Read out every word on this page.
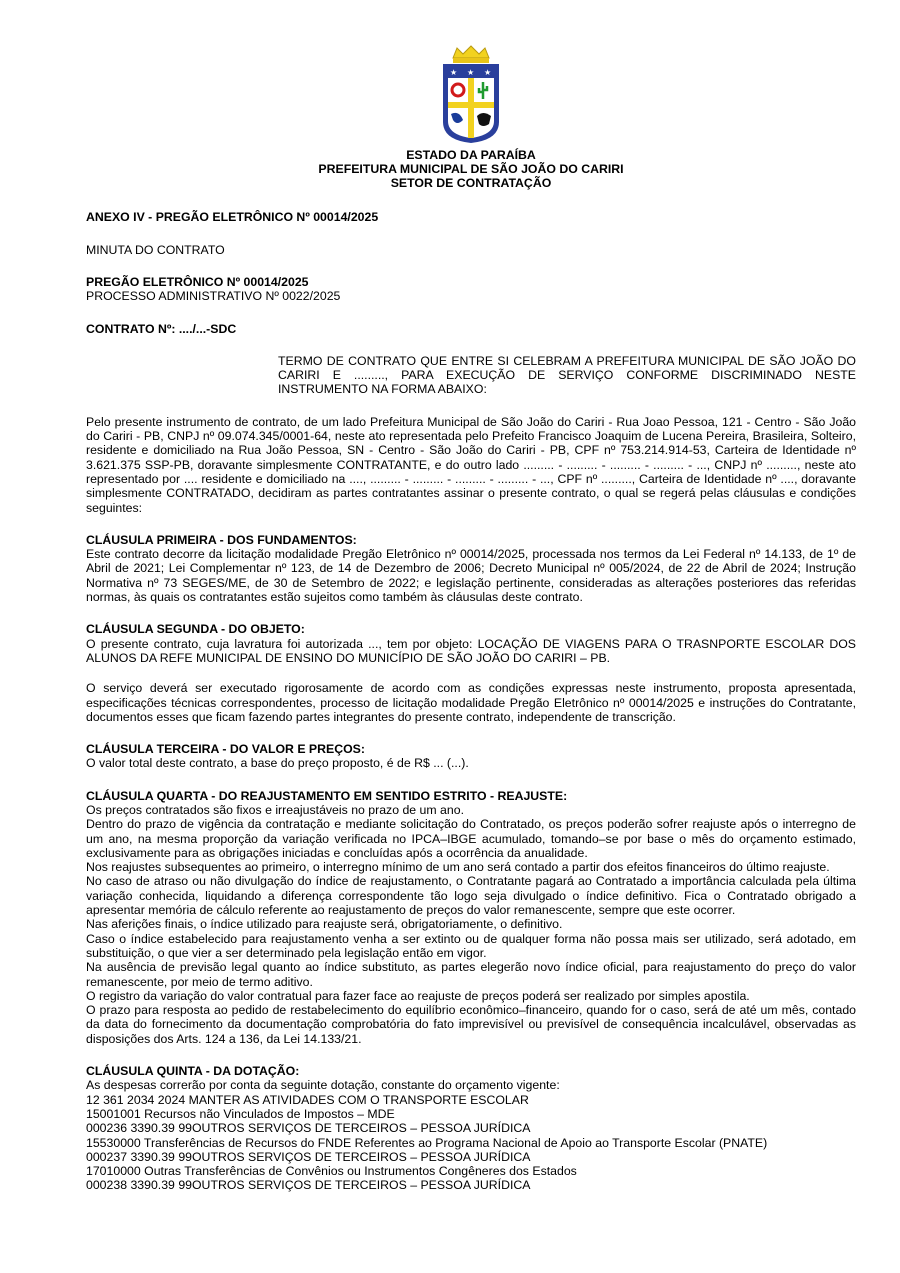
★ ★ ★
ESTADO DA PARAÍBA
PREFEITURA MUNICIPAL DE SÃO JOÃO DO CARIRI
SETOR DE CONTRATAÇÃO

ANEXO IV - PREGÃO ELETRÔNICO Nº 00014/2025

MINUTA DO CONTRATO

PREGÃO ELETRÔNICO Nº 00014/2025

PROCESSO ADMINISTRATIVO Nº 0022/2025

CONTRATO Nº: ..../...-SDC

TERMO DE CONTRATO QUE ENTRE SI CELEBRAM A PREFEITURA MUNICIPAL DE SÃO JOÃO DO CARIRI E ........., PARA EXECUÇÃO DE SERVIÇO CONFORME DISCRIMINADO NESTE INSTRUMENTO NA FORMA ABAIXO:

Pelo presente instrumento de contrato, de um lado Prefeitura Municipal de São João do Cariri - Rua Joao Pessoa, 121 - Centro - São João do Cariri - PB, CNPJ nº 09.074.345/0001-64, neste ato representada pelo Prefeito Francisco Joaquim de Lucena Pereira, Brasileira, Solteiro, residente e domiciliado na Rua João Pessoa, SN - Centro - São João do Cariri - PB, CPF nº 753.214.914-53, Carteira de Identidade nº 3.621.375 SSP-PB, doravante simplesmente CONTRATANTE, e do outro lado ......... - ......... - ......... - ......... - ..., CNPJ nº ........., neste ato representado por .... residente e domiciliado na ...., ......... - ......... - ......... - ......... - ..., CPF nº ........., Carteira de Identidade nº ...., doravante simplesmente CONTRATADO, decidiram as partes contratantes assinar o presente contrato, o qual se regerá pelas cláusulas e condições seguintes:

CLÁUSULA PRIMEIRA - DOS FUNDAMENTOS:

Este contrato decorre da licitação modalidade Pregão Eletrônico nº 00014/2025, processada nos termos da Lei Federal nº 14.133, de 1º de Abril de 2021; Lei Complementar nº 123, de 14 de Dezembro de 2006; Decreto Municipal nº 005/2024, de 22 de Abril de 2024; Instrução Normativa nº 73 SEGES/ME, de 30 de Setembro de 2022; e legislação pertinente, consideradas as alterações posteriores das referidas normas, às quais os contratantes estão sujeitos como também às cláusulas deste contrato.

CLÁUSULA SEGUNDA - DO OBJETO:

O presente contrato, cuja lavratura foi autorizada ..., tem por objeto: LOCAÇÃO DE VIAGENS PARA O TRASNPORTE ESCOLAR DOS ALUNOS DA REFE MUNICIPAL DE ENSINO DO MUNICÍPIO DE SÃO JOÃO DO CARIRI – PB.

O serviço deverá ser executado rigorosamente de acordo com as condições expressas neste instrumento, proposta apresentada, especificações técnicas correspondentes, processo de licitação modalidade Pregão Eletrônico nº 00014/2025 e instruções do Contratante, documentos esses que ficam fazendo partes integrantes do presente contrato, independente de transcrição.

CLÁUSULA TERCEIRA - DO VALOR E PREÇOS:

O valor total deste contrato, a base do preço proposto, é de R$ ... (...).

CLÁUSULA QUARTA - DO REAJUSTAMENTO EM SENTIDO ESTRITO - REAJUSTE:

Os preços contratados são fixos e irreajustáveis no prazo de um ano.

Dentro do prazo de vigência da contratação e mediante solicitação do Contratado, os preços poderão sofrer reajuste após o interregno de um ano, na mesma proporção da variação verificada no IPCA–IBGE acumulado, tomando–se por base o mês do orçamento estimado, exclusivamente para as obrigações iniciadas e concluídas após a ocorrência da anualidade.

Nos reajustes subsequentes ao primeiro, o interregno mínimo de um ano será contado a partir dos efeitos financeiros do último reajuste.

No caso de atraso ou não divulgação do índice de reajustamento, o Contratante pagará ao Contratado a importância calculada pela última variação conhecida, liquidando a diferença correspondente tão logo seja divulgado o índice definitivo. Fica o Contratado obrigado a apresentar memória de cálculo referente ao reajustamento de preços do valor remanescente, sempre que este ocorrer.

Nas aferições finais, o índice utilizado para reajuste será, obrigatoriamente, o definitivo.

Caso o índice estabelecido para reajustamento venha a ser extinto ou de qualquer forma não possa mais ser utilizado, será adotado, em substituição, o que vier a ser determinado pela legislação então em vigor.

Na ausência de previsão legal quanto ao índice substituto, as partes elegerão novo índice oficial, para reajustamento do preço do valor remanescente, por meio de termo aditivo.

O registro da variação do valor contratual para fazer face ao reajuste de preços poderá ser realizado por simples apostila.

O prazo para resposta ao pedido de restabelecimento do equilíbrio econômico–financeiro, quando for o caso, será de até um mês, contado da data do fornecimento da documentação comprobatória do fato imprevisível ou previsível de consequência incalculável, observadas as disposições dos Arts. 124 a 136, da Lei 14.133/21.

CLÁUSULA QUINTA - DA DOTAÇÃO:

As despesas correrão por conta da seguinte dotação, constante do orçamento vigente:
12 361 2034 2024 MANTER AS ATIVIDADES COM O TRANSPORTE ESCOLAR
15001001 Recursos não Vinculados de Impostos – MDE
000236 3390.39 99OUTROS SERVIÇOS DE TERCEIROS – PESSOA JURÍDICA
15530000 Transferências de Recursos do FNDE Referentes ao Programa Nacional de Apoio ao Transporte Escolar (PNATE)
000237 3390.39 99OUTROS SERVIÇOS DE TERCEIROS – PESSOA JURÍDICA
17010000 Outras Transferências de Convênios ou Instrumentos Congêneres dos Estados
000238 3390.39 99OUTROS SERVIÇOS DE TERCEIROS – PESSOA JURÍDICA
